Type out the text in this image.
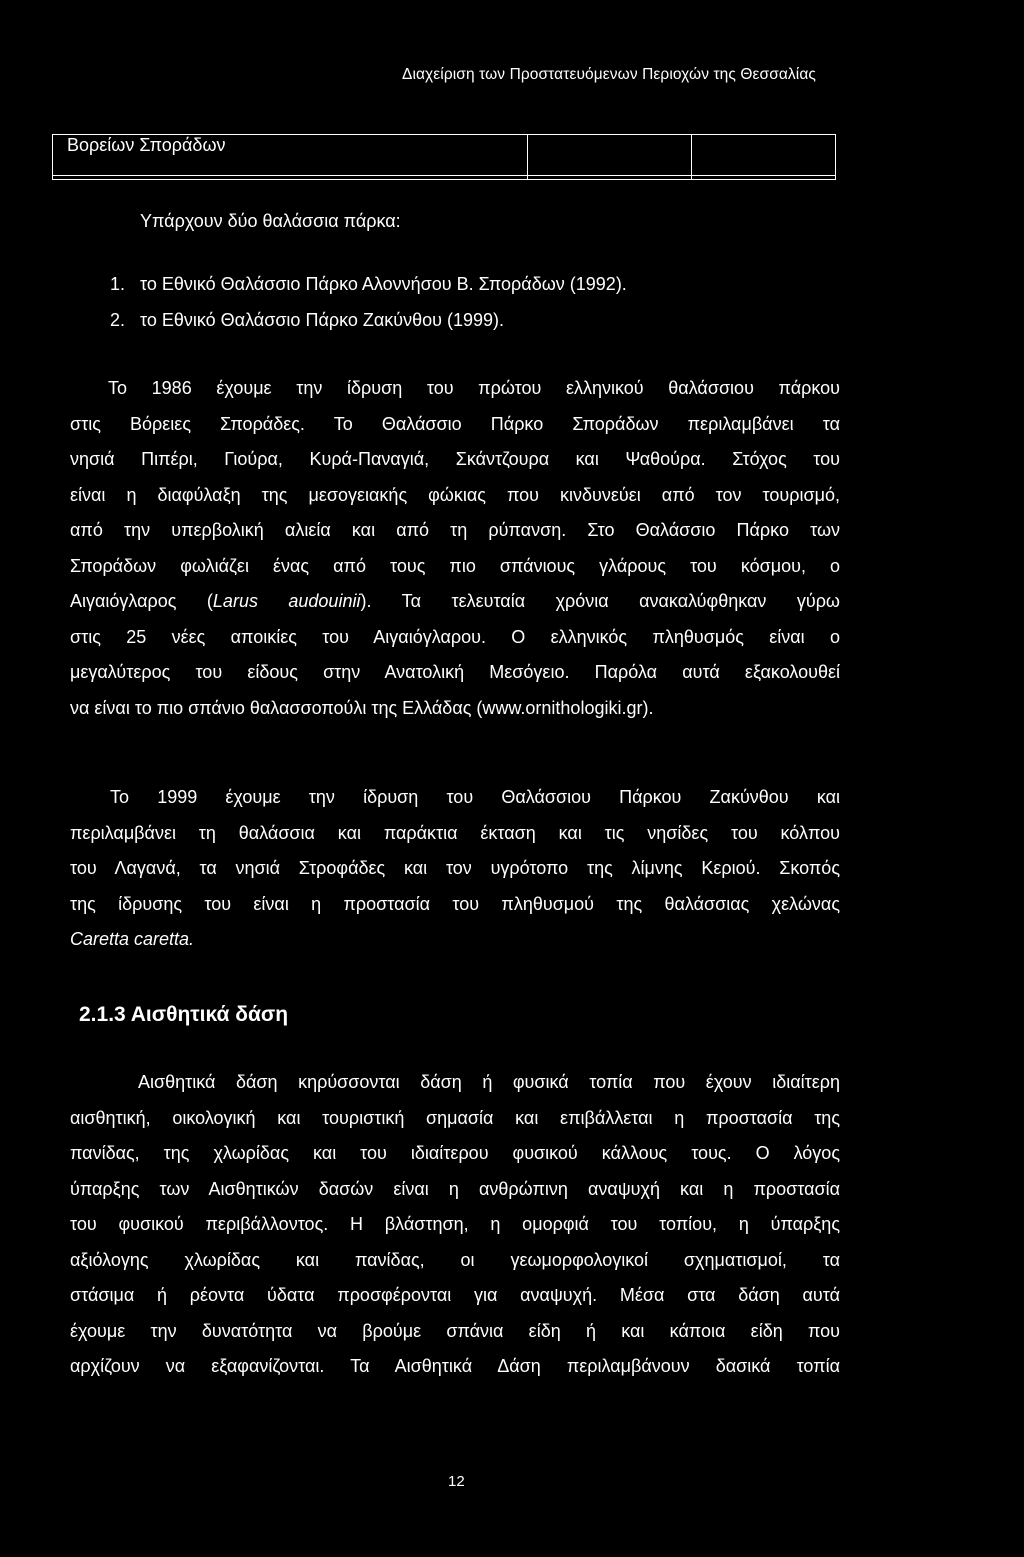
Διαχείριση των Προστατευόμενων Περιοχών της Θεσσαλίας
Βορείων Σποράδων
Υπάρχουν δύο θαλάσσια πάρκα:
1. το Εθνικό Θαλάσσιο Πάρκο Αλοννήσου Β. Σποράδων (1992).
2. το Εθνικό Θαλάσσιο Πάρκο Ζακύνθου (1999).
Το 1986 έχουμε την ίδρυση του πρώτου ελληνικού θαλάσσιου πάρκου
στις Βόρειες Σποράδες. Το Θαλάσσιο Πάρκο Σποράδων περιλαμβάνει τα
νησιά Πιπέρι, Γιούρα, Κυρά-Παναγιά, Σκάντζουρα και Ψαθούρα. Στόχος του
είναι η διαφύλαξη της μεσογειακής φώκιας που κινδυνεύει από τον τουρισμό,
από την υπερβολική αλιεία και από τη ρύπανση. Στο Θαλάσσιο Πάρκο των
Σποράδων φωλιάζει ένας από τους πιο σπάνιους γλάρους του κόσμου, ο
Αιγαιόγλαρος (Larus audouinii). Τα τελευταία χρόνια ανακαλύφθηκαν γύρω
στις 25 νέες αποικίες του Αιγαιόγλαρου. Ο ελληνικός πληθυσμός είναι ο
μεγαλύτερος του είδους στην Ανατολική Μεσόγειο. Παρόλα αυτά εξακολουθεί
να είναι το πιο σπάνιο θαλασσοπούλι της Ελλάδας (www.ornithologiki.gr).
Το 1999 έχουμε την ίδρυση του Θαλάσσιου Πάρκου Ζακύνθου και
περιλαμβάνει τη θαλάσσια και παράκτια έκταση και τις νησίδες του κόλπου
του Λαγανά, τα νησιά Στροφάδες και τον υγρότοπο της λίμνης Κεριού. Σκοπός
της ίδρυσης του είναι η προστασία του πληθυσμού της θαλάσσιας χελώνας
Caretta caretta.
2.1.3 Αισθητικά δάση
Αισθητικά δάση κηρύσσονται δάση ή φυσικά τοπία που έχουν ιδιαίτερη
αισθητική, οικολογική και τουριστική σημασία και επιβάλλεται η προστασία της
πανίδας, της χλωρίδας και του ιδιαίτερου φυσικού κάλλους τους. Ο λόγος
ύπαρξης των Αισθητικών δασών είναι η ανθρώπινη αναψυχή και η προστασία
του φυσικού περιβάλλοντος. Η βλάστηση, η ομορφιά του τοπίου, η ύπαρξης
αξιόλογης χλωρίδας και πανίδας, οι γεωμορφολογικοί σχηματισμοί, τα
στάσιμα ή ρέοντα ύδατα προσφέρονται για αναψυχή. Μέσα στα δάση αυτά
έχουμε την δυνατότητα να βρούμε σπάνια είδη ή και κάποια είδη που
αρχίζουν να εξαφανίζονται. Τα Αισθητικά Δάση περιλαμβάνουν δασικά τοπία
12
